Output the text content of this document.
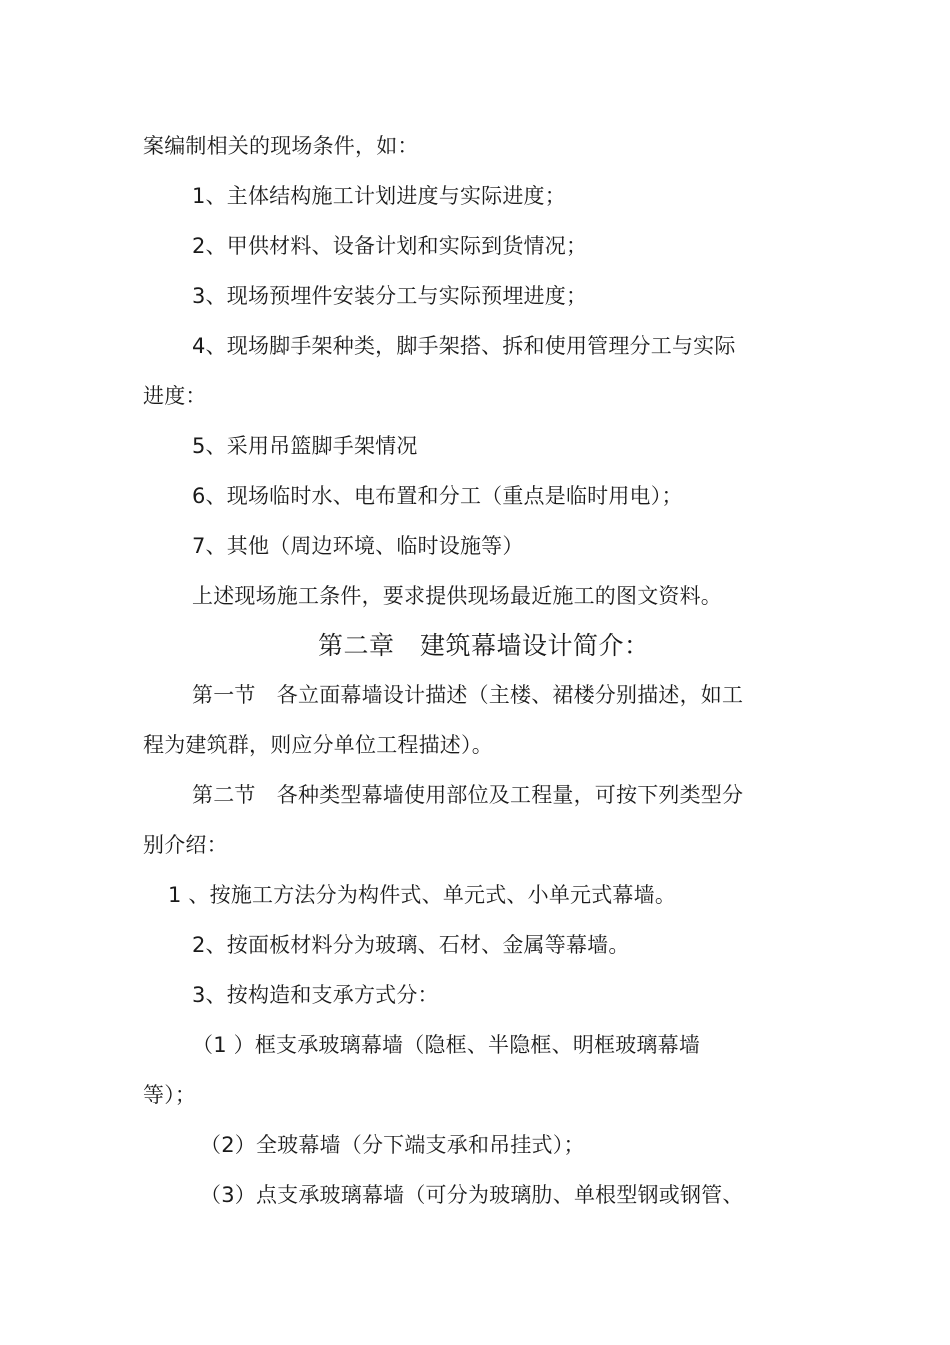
案编制相关的现场条件，如：
1、主体结构施工计划进度与实际进度；
2、甲供材料、设备计划和实际到货情况；
3、现场预埋件安装分工与实际预埋进度；
4、现场脚手架种类，脚手架搭、拆和使用管理分工与实际
进度：
5、采用吊篮脚手架情况
6、现场临时水、电布置和分工（重点是临时用电）；
7、其他（周边环境、临时设施等）
上述现场施工条件，要求提供现场最近施工的图文资料。
第二章　建筑幕墙设计简介：
第一节　各立面幕墙设计描述（主楼、裙楼分别描述，如工
程为建筑群，则应分单位工程描述）。
第二节　各种类型幕墙使用部位及工程量，可按下列类型分
别介绍：
1 、按施工方法分为构件式、单元式、小单元式幕墙。
2、按面板材料分为玻璃、石材、金属等幕墙。
3、按构造和支承方式分：
（1 ）框支承玻璃幕墙（隐框、半隐框、明框玻璃幕墙
等）；
（2）全玻幕墙（分下端支承和吊挂式）；
（3）点支承玻璃幕墙（可分为玻璃肋、单根型钢或钢管、
